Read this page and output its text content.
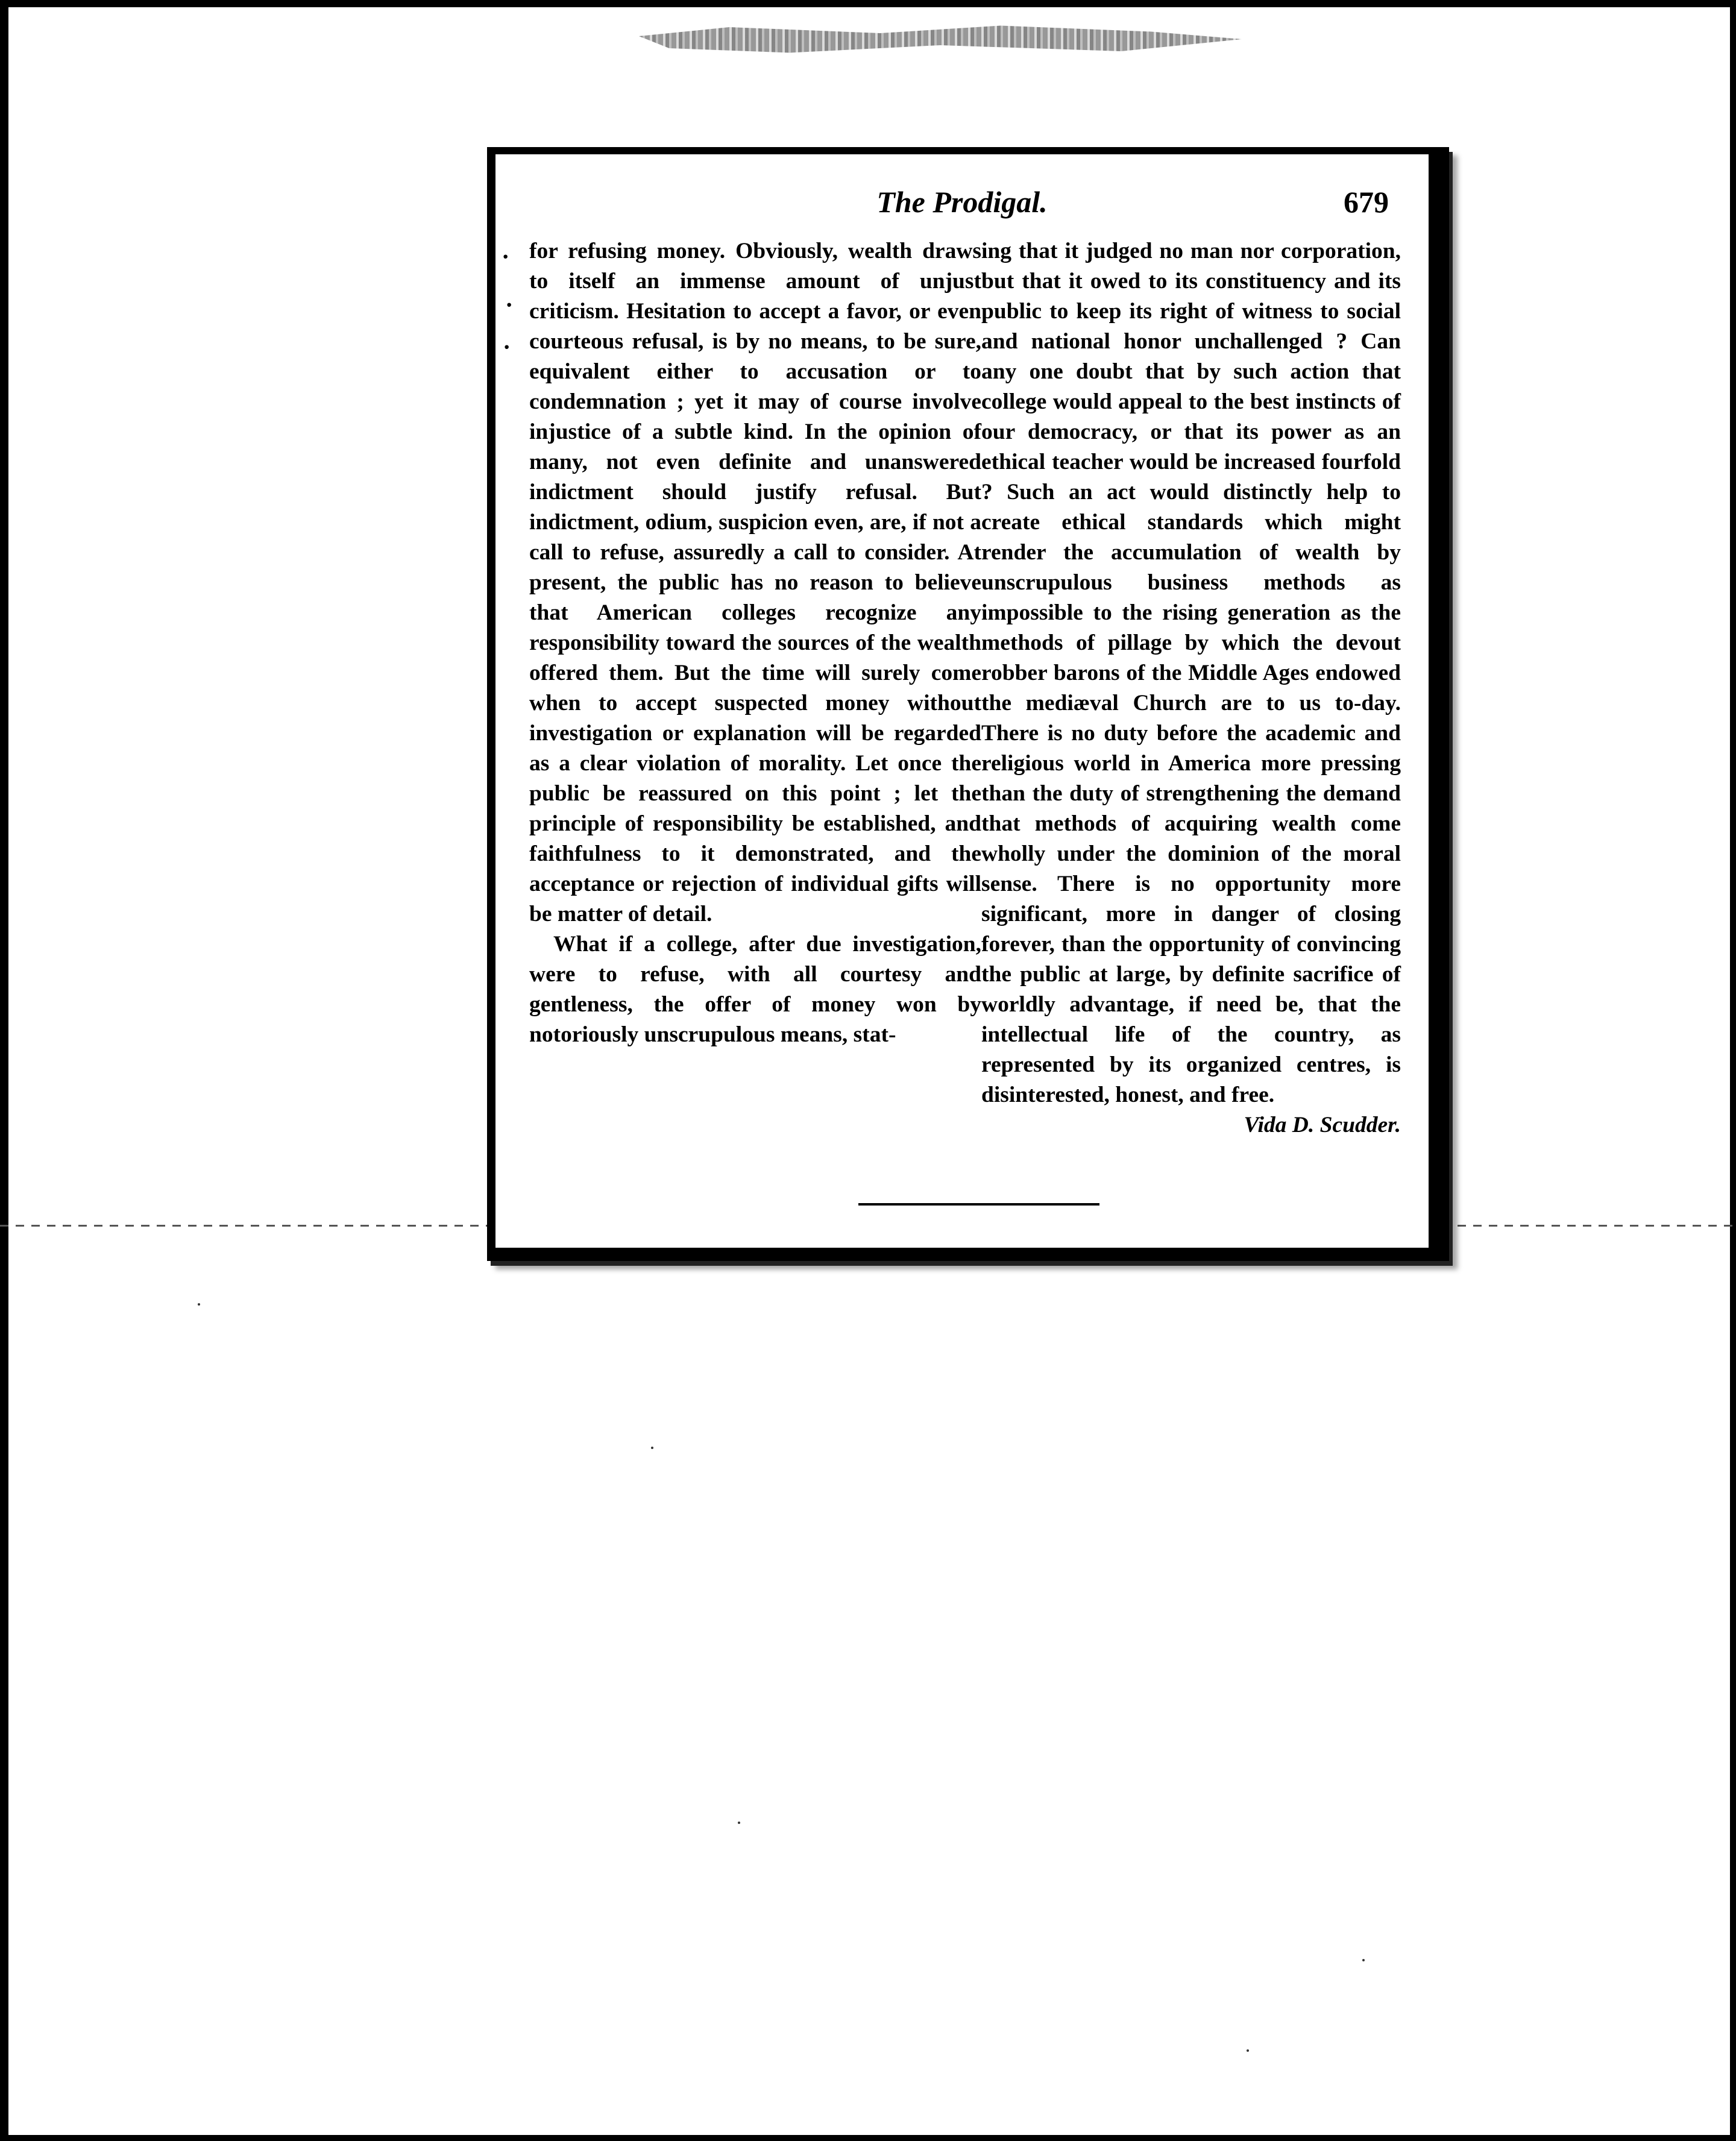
The Prodigal.	679
·
·
·

for refusing money. Obviously, wealth draws to itself an immense amount of unjust criticism. Hesitation to accept a favor, or even courteous refusal, is by no means, to be sure, equivalent either to accusation or to condemnation ; yet it may of course involve injustice of a subtle kind. In the opinion of many, not even definite and unanswered indictment should justify refusal. But indictment, odium, suspicion even, are, if not a call to refuse, assuredly a call to consider. At present, the public has no reason to believe that American colleges recognize any responsibility toward the sources of the wealth offered them. But the time will surely come when to accept suspected money without investigation or explanation will be regarded as a clear violation of morality. Let once the public be reassured on this point ; let the principle of responsibility be established, and faithfulness to it demonstrated, and the acceptance or rejection of individual gifts will be matter of detail.

What if a college, after due investigation, were to refuse, with all courtesy and gentleness, the offer of money won by notoriously unscrupulous means, stat-

ing that it judged no man nor corporation, but that it owed to its constituency and its public to keep its right of witness to social and national honor unchallenged ? Can any one doubt that by such action that college would appeal to the best instincts of our democracy, or that its power as an ethical teacher would be increased fourfold ? Such an act would distinctly help to create ethical standards which might render the accumulation of wealth by unscrupulous business methods as impossible to the rising generation as the methods of pillage by which the devout robber barons of the Middle Ages endowed the mediæval Church are to us to-day. There is no duty before the academic and religious world in America more pressing than the duty of strengthening the demand that methods of acquiring wealth come wholly under the dominion of the moral sense. There is no opportunity more significant, more in danger of closing forever, than the opportunity of convincing the public at large, by definite sacrifice of worldly advantage, if need be, that the intellectual life of the country, as represented by its organized centres, is disinterested, honest, and free.

Vida D. Scudder.
